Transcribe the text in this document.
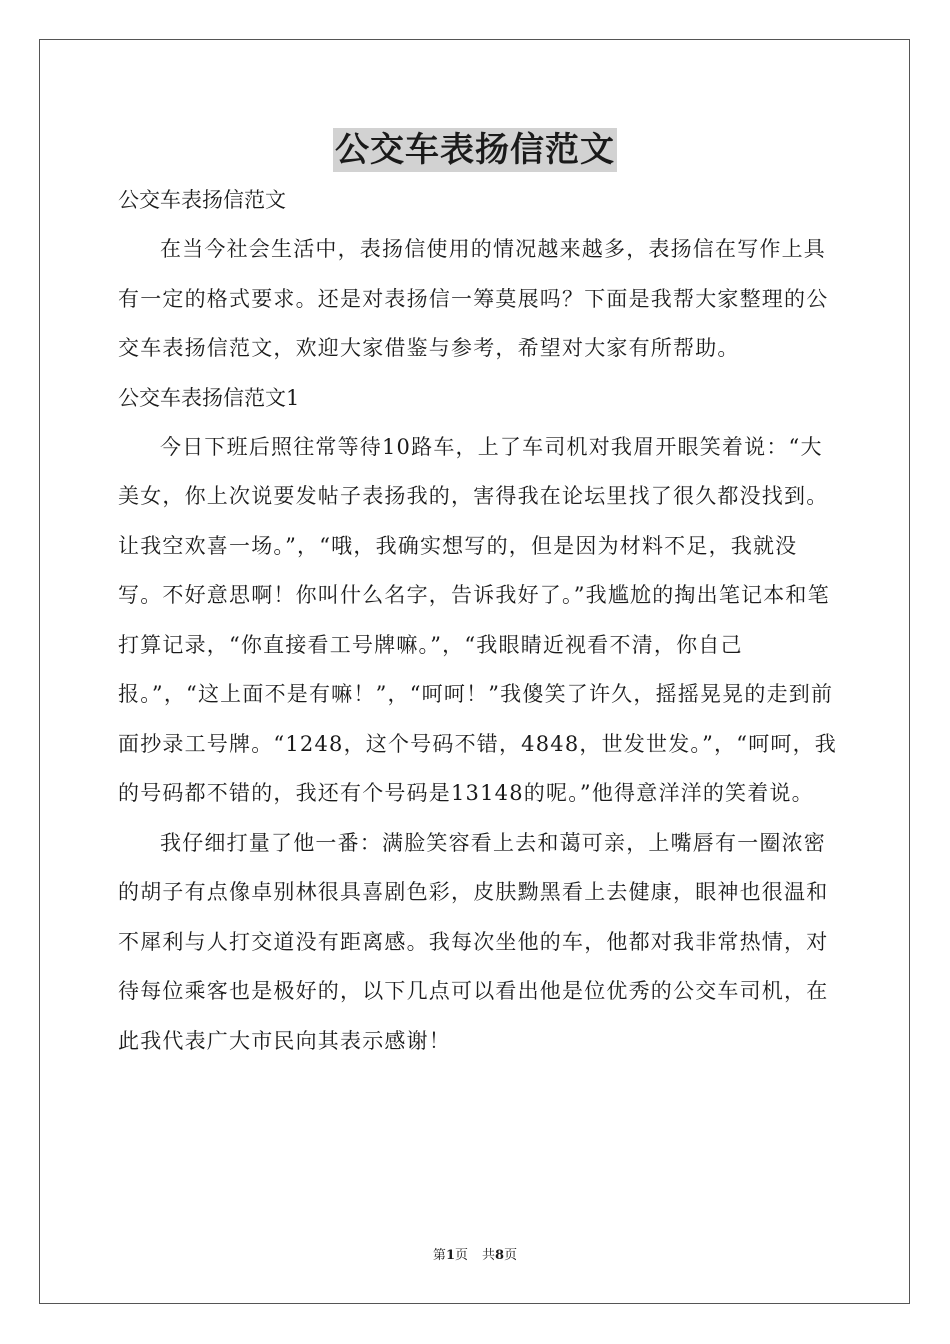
公交车表扬信范文

公交车表扬信范文

在当今社会生活中，表扬信使用的情况越来越多，表扬信在写作上具有一定的格式要求。还是对表扬信一筹莫展吗？下面是我帮大家整理的公交车表扬信范文，欢迎大家借鉴与参考，希望对大家有所帮助。

公交车表扬信范文1

今日下班后照往常等待10路车，上了车司机对我眉开眼笑着说：“大美女，你上次说要发帖子表扬我的，害得我在论坛里找了很久都没找到。让我空欢喜一场。”，“哦，我确实想写的，但是因为材料不足，我就没写。不好意思啊！你叫什么名字，告诉我好了。”我尴尬的掏出笔记本和笔打算记录，“你直接看工号牌嘛。”，“我眼睛近视看不清，你自己报。”，“这上面不是有嘛！”，“呵呵！”我傻笑了许久，摇摇晃晃的走到前面抄录工号牌。“1248，这个号码不错，4848，世发世发。”，“呵呵，我的号码都不错的，我还有个号码是13148的呢。”他得意洋洋的笑着说。

我仔细打量了他一番：满脸笑容看上去和蔼可亲，上嘴唇有一圈浓密的胡子有点像卓别林很具喜剧色彩，皮肤黝黑看上去健康，眼神也很温和不犀利与人打交道没有距离感。我每次坐他的车，他都对我非常热情，对待每位乘客也是极好的，以下几点可以看出他是位优秀的公交车司机，在此我代表广大市民向其表示感谢！

第1页 共8页
